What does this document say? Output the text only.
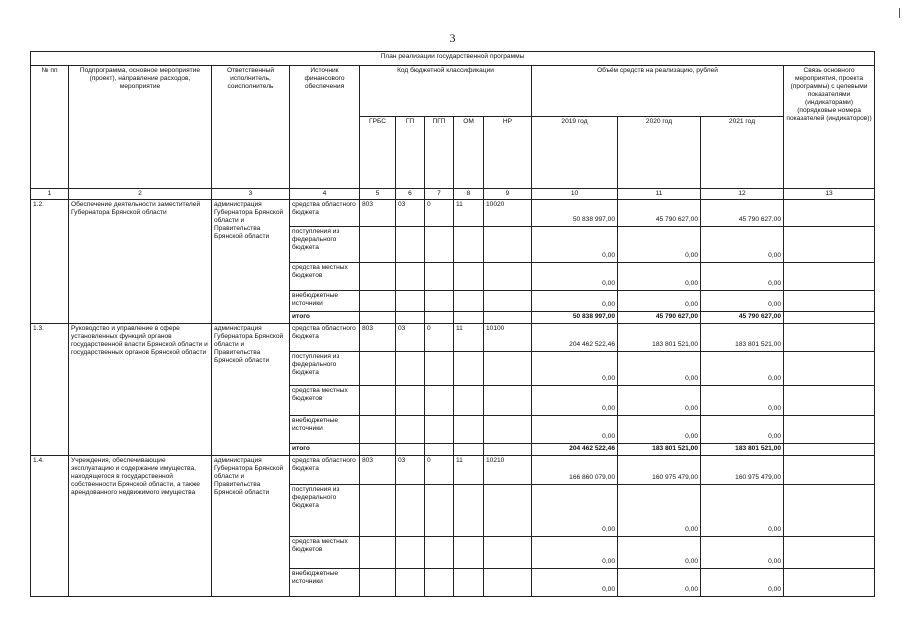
3
План реализации государственной программы												
№ пп	Подпрограмма, основное мероприятие (проект), направление расходов, мероприятие	Ответственный исполнитель, соисполнитель	Источник финансового обеспечения	Код бюджетной классификации					Объём средств на реализацию, рублей			Связь основного мероприятия, проекта (программы) с целевыми показателями (индикаторами) (порядковые номера показателей (индикаторов))
				ГРБС	ГП	ПГП	ОМ	НР	2019 год	2020 год	2021 год	
1	2	3	4	5	6	7	8	9	10	11	12	13
1.2.	Обеспечение деятельности заместителей Губернатора Брянской области	администрация Губернатора Брянской области и Правительства Брянской области	средства областного бюджета	803	03	0	11	10020	50 838 997,00	45 790 627,00	45 790 627,00	
			поступления из федерального бюджета						0,00	0,00	0,00	
			средства местных бюджетов						0,00	0,00	0,00	
			внебюджетные источники						0,00	0,00	0,00	
			итого						50 838 997,00	45 790 627,00	45 790 627,00	
1.3.	Руководство и управление в сфере установленных функций органов государственной власти Брянской области и государственных органов Брянской области	администрация Губернатора Брянской области и Правительства Брянской области	средства областного бюджета	803	03	0	11	10100	204 462 522,46	183 801 521,00	183 801 521,00	
			поступления из федерального бюджета						0,00	0,00	0,00	
			средства местных бюджетов						0,00	0,00	0,00	
			внебюджетные источники						0,00	0,00	0,00	
			итого						204 462 522,46	183 801 521,00	183 801 521,00	
1.4.	Учреждения, обеспечивающие эксплуатацию и содержание имущества, находящегося в государственной собственности Брянской области, а также арендованного недвижимого имущества	администрация Губернатора Брянской области и Правительства Брянской области	средства областного бюджета	803	03	0	11	10210	166 860 079,00	160 975 479,00	160 975 479,00	
			поступления из федерального бюджета						0,00	0,00	0,00	
			средства местных бюджетов						0,00	0,00	0,00	
			внебюджетные источники						0,00	0,00	0,00	
